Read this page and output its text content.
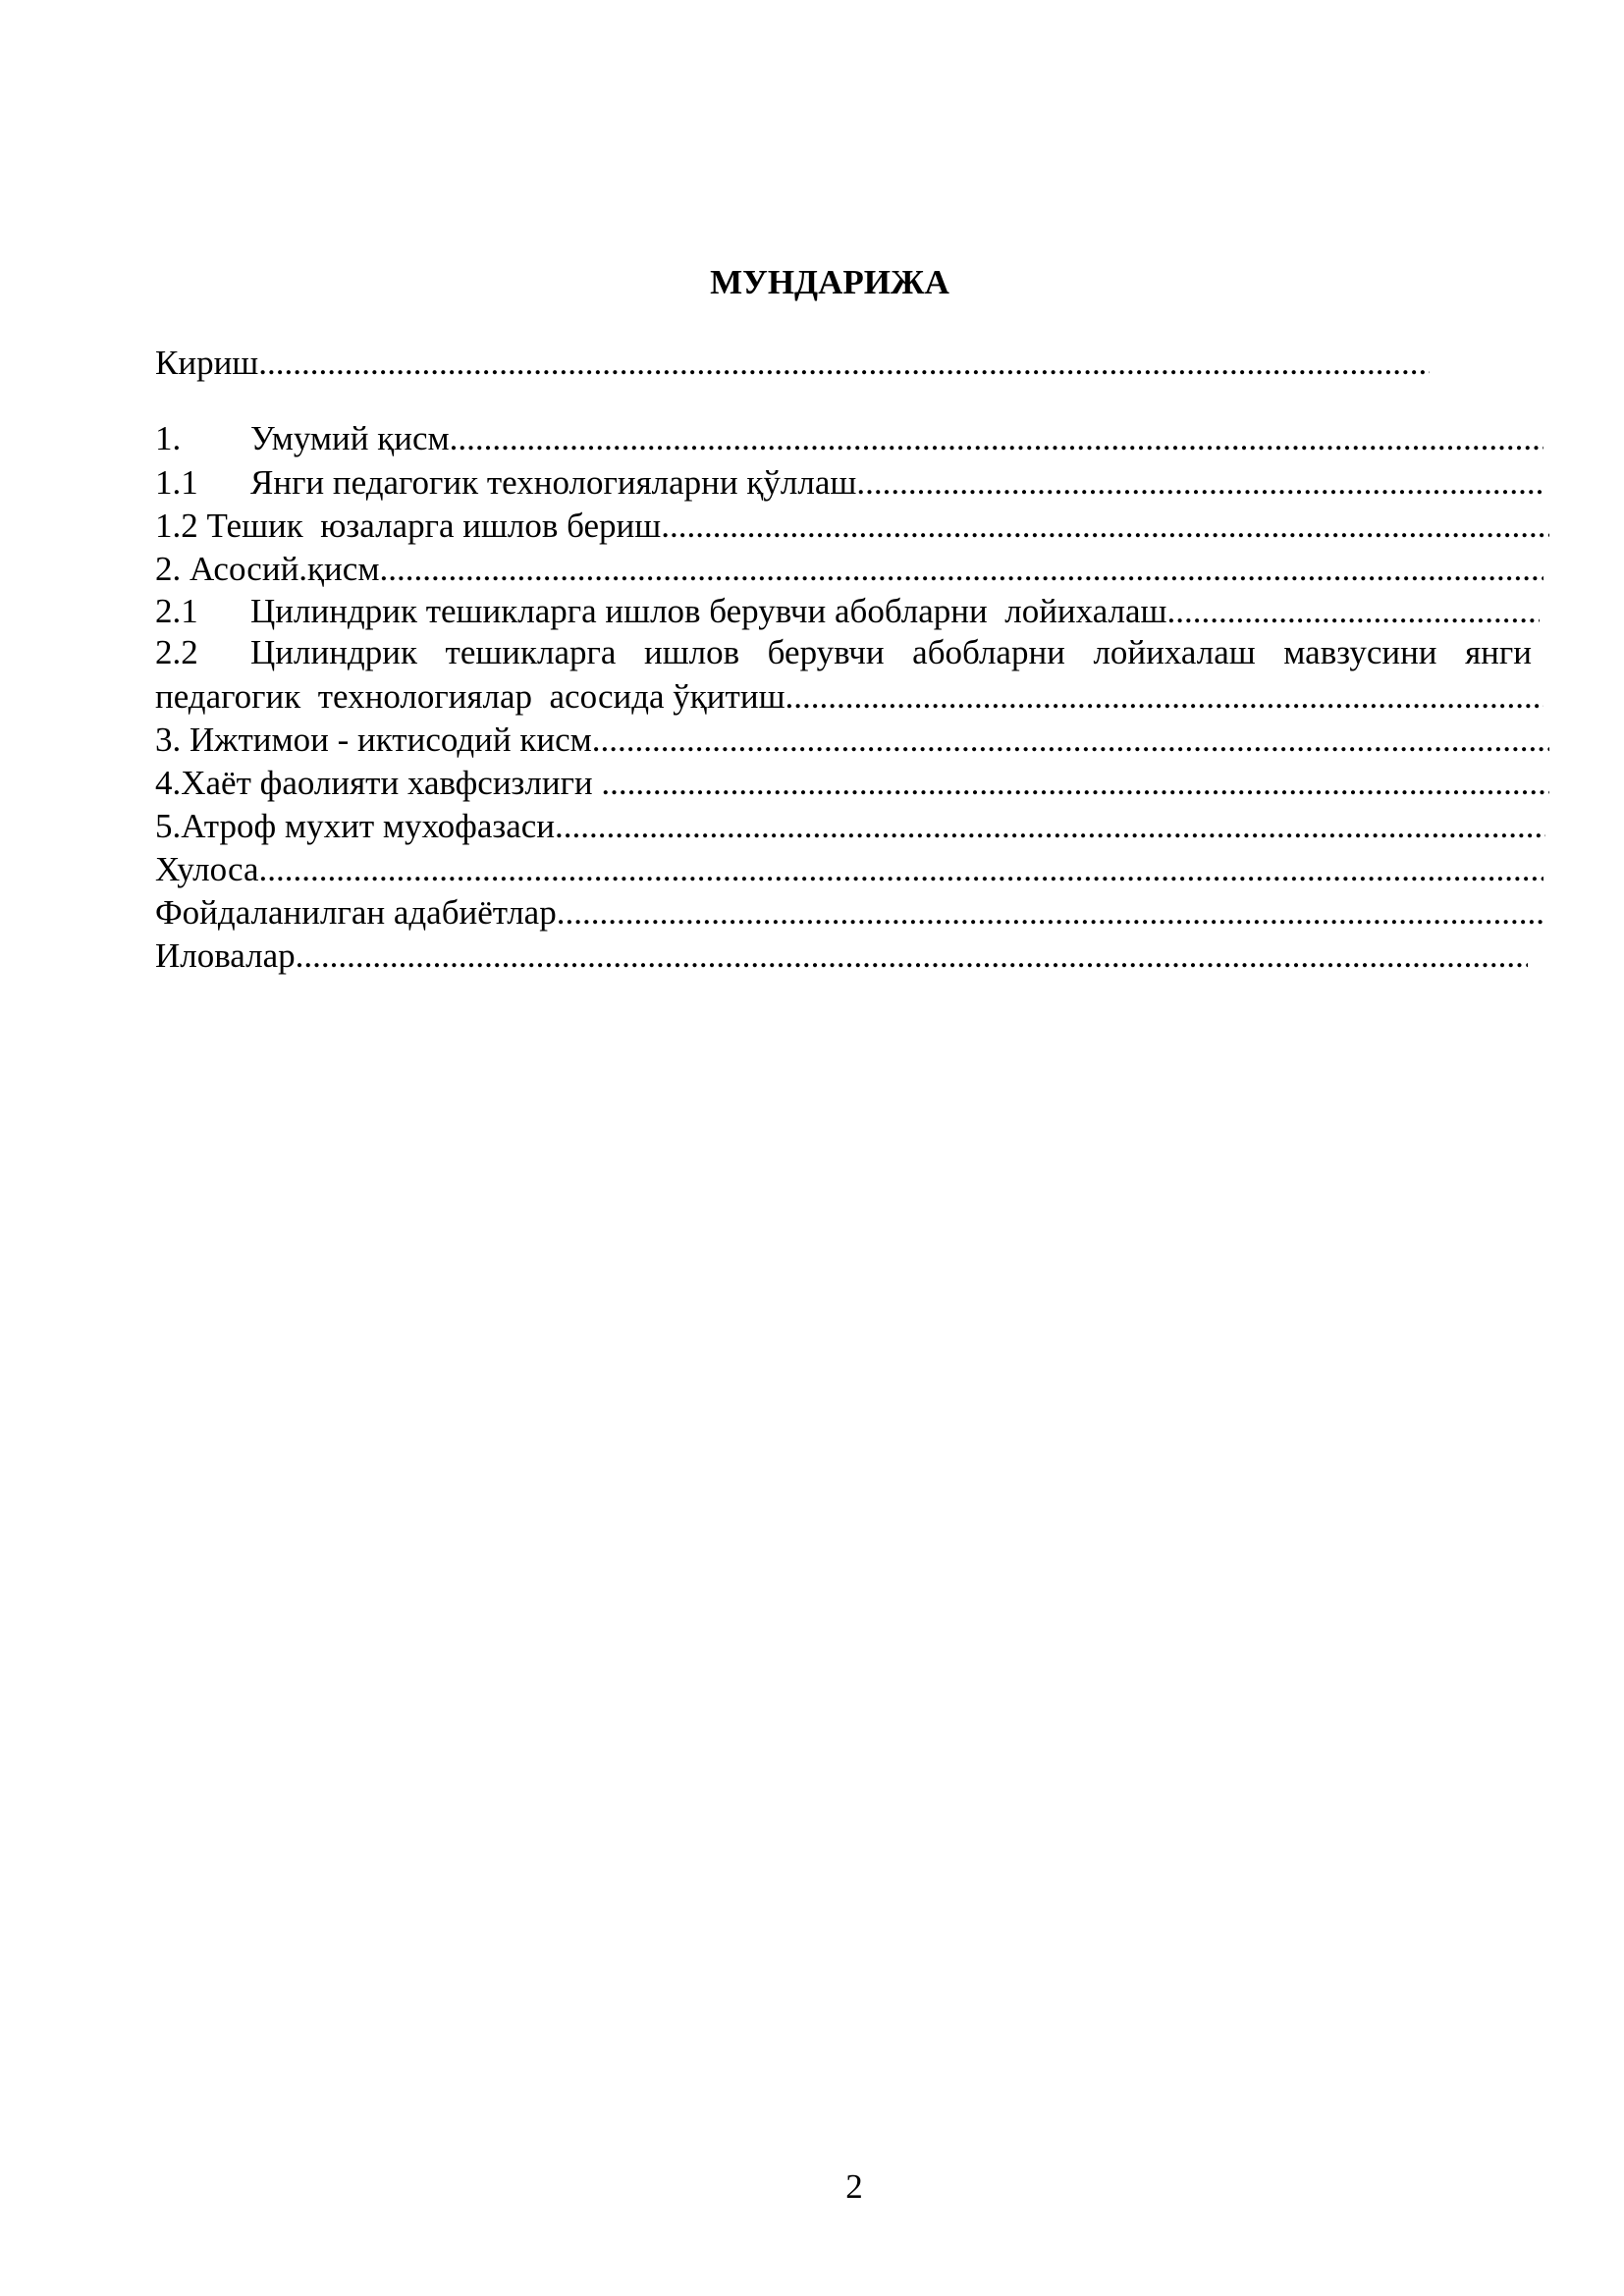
МУНДАРИЖА
Кириш
.....
1.	Умумий қисм
.....
1.1	Янги педагогик технологияларни қўллаш
.....
1.2 Тешик  юзаларга ишлов бериш
.....
2. Асосий.қисм
.....
2.1	Цилиндрик тешикларга ишлов берувчи абобларни  лойихалаш
.....
2.2 Цилиндрик тешикларга ишлов берувчи абобларни лойихалаш мавзусини янги
педагогик  технологиялар  асосида ўқитиш
.....
3. Ижтимои - иктисодий кисм
.....
4.Хаёт фаолияти хавфсизлиги
.....
5.Атроф мухит мухофазаси
.....
Хулоса
.....
Фойдаланилган адабиётлар
.....
Иловалар
.....
2
